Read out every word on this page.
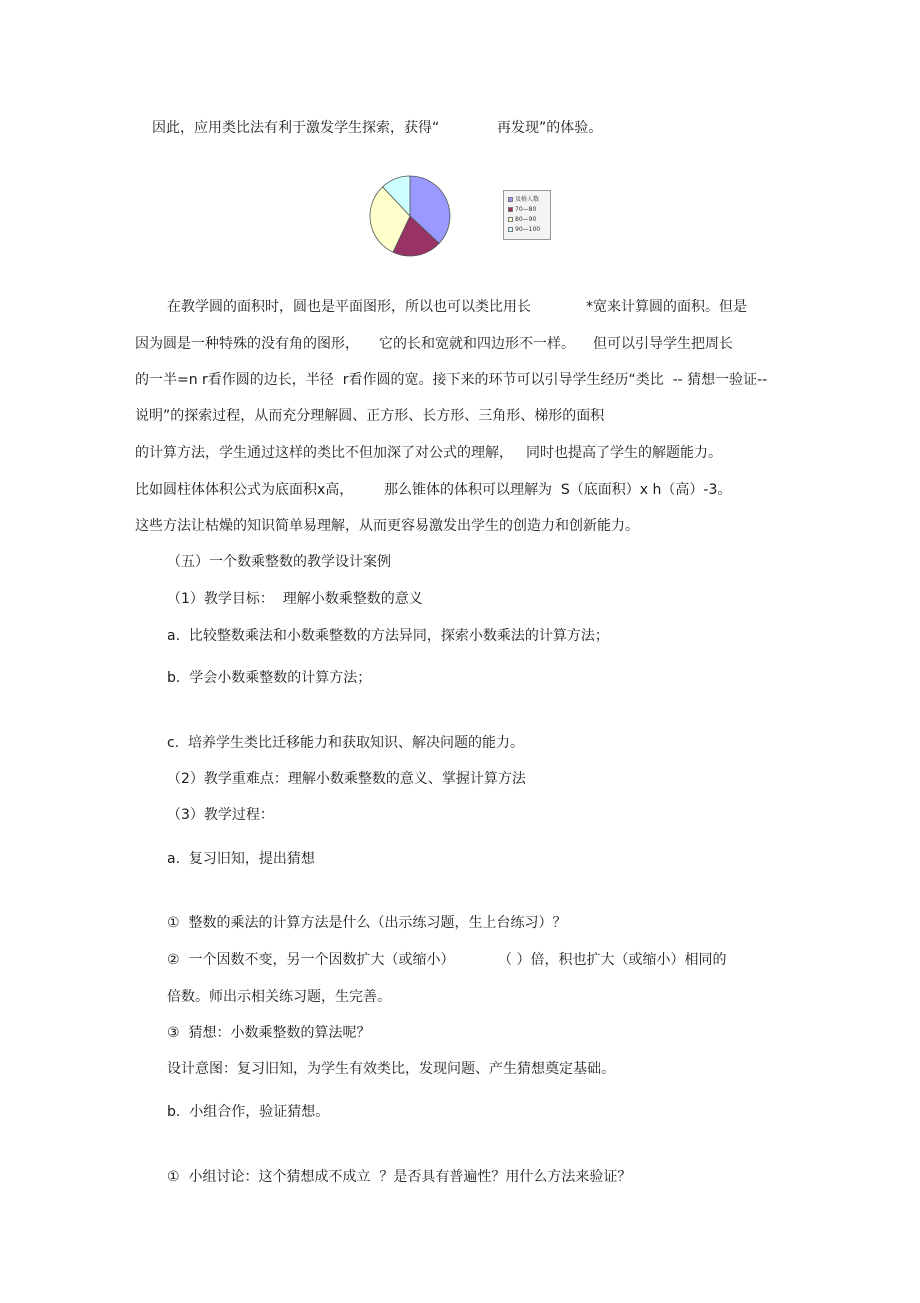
因此，应用类比法有利于激发学生探索，获得“	再发现”的体验。
及格人数
70—80
80—90
90—100
在教学圆的面积时，圆也是平面图形，所以也可以类比用长	*宽来计算圆的面积。但是
因为圆是一种特殊的没有角的图形， 它的长和宽就和四边形不一样。 但可以引导学生把周长
的一半=n r看作圆的边长，半径  r看作圆的宽。接下来的环节可以引导学生经历“类比  -- 猜想一验证--
说明”的探索过程，从而充分理解圆、正方形、长方形、三角形、梯形的面积
的计算方法，学生通过这样的类比不但加深了对公式的理解， 同时也提高了学生的解题能力。
比如圆柱体体积公式为底面积x高， 那么锥体的体积可以理解为  S（底面积）x h（高）-3。
这些方法让枯燥的知识简单易理解，从而更容易激发出学生的创造力和创新能力。
（五）一个数乘整数的教学设计案例
（1）教学目标：  理解小数乘整数的意义
a.  比较整数乘法和小数乘整数的方法异同，探索小数乘法的计算方法；
b.  学会小数乘整数的计算方法；
c.  培养学生类比迁移能力和获取知识、解决问题的能力。
（2）教学重难点：理解小数乘整数的意义、掌握计算方法
（3）教学过程：
a.  复习旧知，提出猜想
①  整数的乘法的计算方法是什么（出示练习题，生上台练习）？
②  一个因数不变，另一个因数扩大（或缩小）	（ ）倍，积也扩大（或缩小）相同的
倍数。师出示相关练习题，生完善。
③  猜想：小数乘整数的算法呢？
设计意图：复习旧知，为学生有效类比，发现问题、产生猜想奠定基础。
b.  小组合作，验证猜想。
①  小组讨论：这个猜想成不成立  ？是否具有普遍性？用什么方法来验证？
